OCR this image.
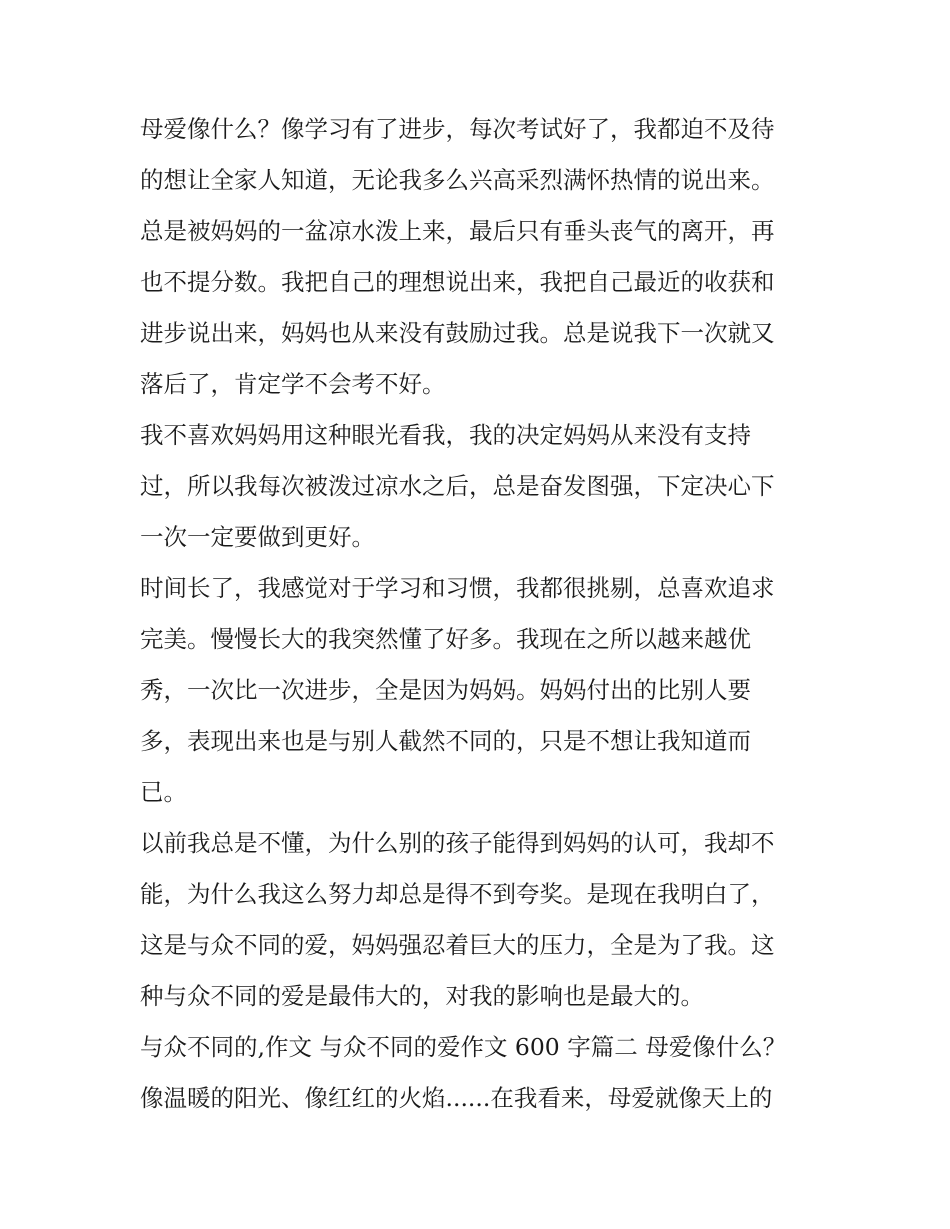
母爱像什么？像学习有了进步，每次考试好了，我都迫不及待
的想让全家人知道，无论我多么兴高采烈满怀热情的说出来。
总是被妈妈的一盆凉水泼上来，最后只有垂头丧气的离开，再
也不提分数。我把自己的理想说出来，我把自己最近的收获和
进步说出来，妈妈也从来没有鼓励过我。总是说我下一次就又
落后了，肯定学不会考不好。
我不喜欢妈妈用这种眼光看我，我的决定妈妈从来没有支持
过，所以我每次被泼过凉水之后，总是奋发图强，下定决心下
一次一定要做到更好。
时间长了，我感觉对于学习和习惯，我都很挑剔，总喜欢追求
完美。慢慢长大的我突然懂了好多。我现在之所以越来越优
秀，一次比一次进步，全是因为妈妈。妈妈付出的比别人要
多，表现出来也是与别人截然不同的，只是不想让我知道而
已。
以前我总是不懂，为什么别的孩子能得到妈妈的认可，我却不
能，为什么我这么努力却总是得不到夸奖。是现在我明白了，
这是与众不同的爱，妈妈强忍着巨大的压力，全是为了我。这
种与众不同的爱是最伟大的，对我的影响也是最大的。
与众不同的,作文 与众不同的爱作文 600 字篇二 母爱像什么？
像温暖的阳光、像红红的火焰......在我看来，母爱就像天上的
